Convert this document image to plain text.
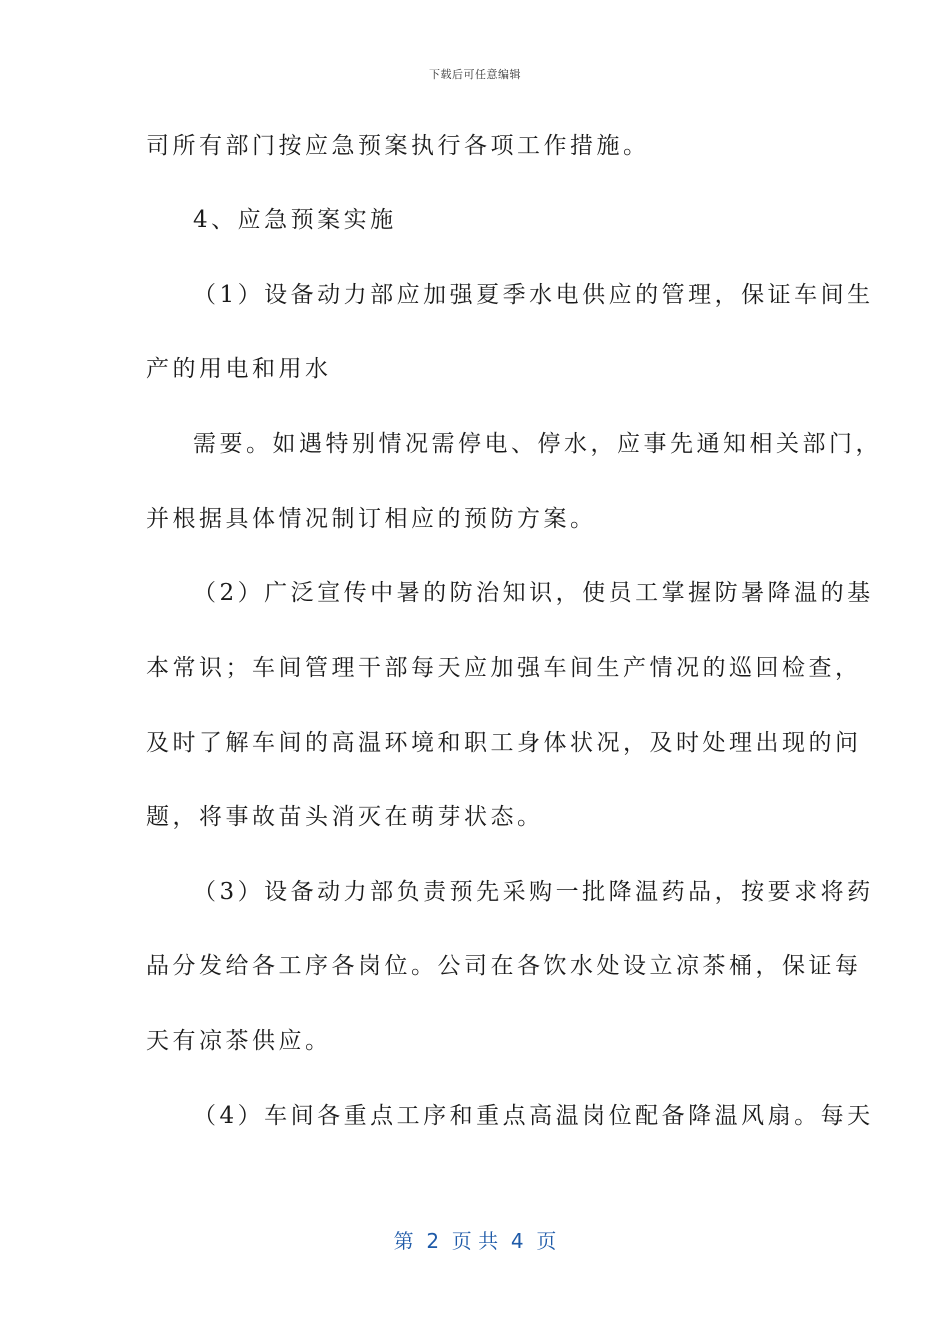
下载后可任意编辑
司所有部门按应急预案执行各项工作措施。
4、应急预案实施
（1）设备动力部应加强夏季水电供应的管理，保证车间生
产的用电和用水
需要。如遇特别情况需停电、停水，应事先通知相关部门，
并根据具体情况制订相应的预防方案。
（2）广泛宣传中暑的防治知识，使员工掌握防暑降温的基
本常识；车间管理干部每天应加强车间生产情况的巡回检查，
及时了解车间的高温环境和职工身体状况，及时处理出现的问
题，将事故苗头消灭在萌芽状态。
（3）设备动力部负责预先采购一批降温药品，按要求将药
品分发给各工序各岗位。公司在各饮水处设立凉茶桶，保证每
天有凉茶供应。
（4）车间各重点工序和重点高温岗位配备降温风扇。每天
第  2  页 共  4  页
